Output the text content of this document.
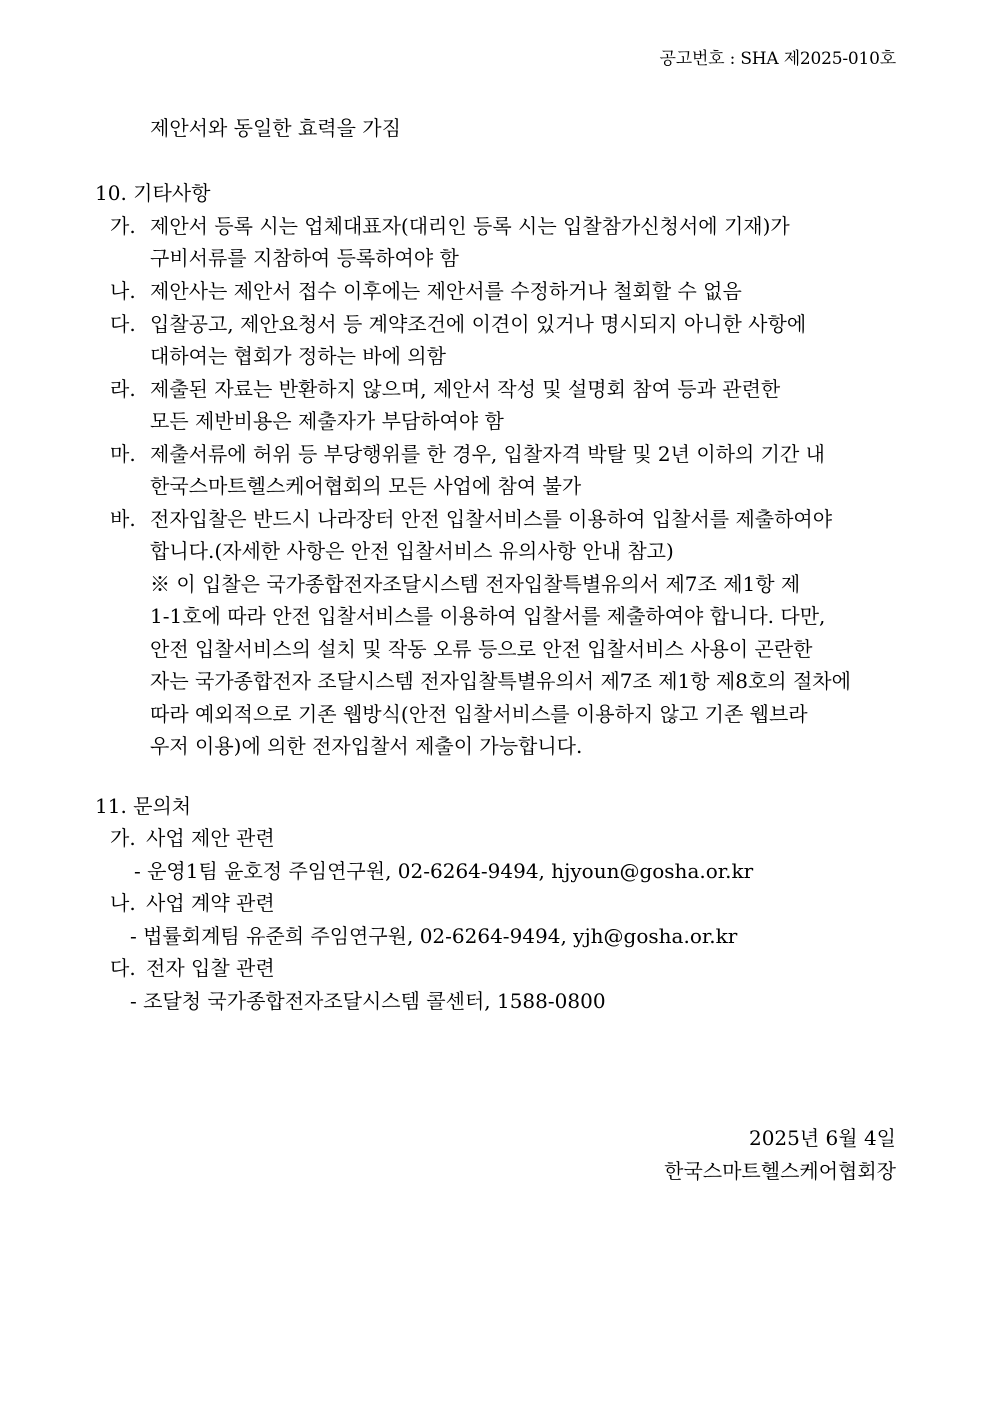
공고번호 : SHA 제2025-010호
제안서와 동일한 효력을 가짐
10. 기타사항
가. 제안서 등록 시는 업체대표자(대리인 등록 시는 입찰참가신청서에 기재)가
구비서류를 지참하여 등록하여야 함
나. 제안사는 제안서 접수 이후에는 제안서를 수정하거나 철회할 수 없음
다. 입찰공고, 제안요청서 등 계약조건에 이견이 있거나 명시되지 아니한 사항에
대하여는 협회가 정하는 바에 의함
라. 제출된 자료는 반환하지 않으며, 제안서 작성 및 설명회 참여 등과 관련한
모든 제반비용은 제출자가 부담하여야 함
마. 제출서류에 허위 등 부당행위를 한 경우, 입찰자격 박탈 및 2년 이하의 기간 내
한국스마트헬스케어협회의 모든 사업에 참여 불가
바. 전자입찰은 반드시 나라장터 안전 입찰서비스를 이용하여 입찰서를 제출하여야
합니다.(자세한 사항은 안전 입찰서비스 유의사항 안내 참고)
※ 이 입찰은 국가종합전자조달시스템 전자입찰특별유의서 제7조 제1항 제
1-1호에 따라 안전 입찰서비스를 이용하여 입찰서를 제출하여야 합니다. 다만,
안전 입찰서비스의 설치 및 작동 오류 등으로 안전 입찰서비스 사용이 곤란한
자는 국가종합전자 조달시스템 전자입찰특별유의서 제7조 제1항 제8호의 절차에
따라 예외적으로 기존 웹방식(안전 입찰서비스를 이용하지 않고 기존 웹브라
우저 이용)에 의한 전자입찰서 제출이 가능합니다.
11. 문의처
가. 사업 제안 관련
- 운영1팀 윤호정 주임연구원, 02-6264-9494, hjyoun@gosha.or.kr
나. 사업 계약 관련
- 법률회계팀 유준희 주임연구원, 02-6264-9494, yjh@gosha.or.kr
다. 전자 입찰 관련
- 조달청 국가종합전자조달시스템 콜센터, 1588-0800
2025년 6월 4일
한국스마트헬스케어협회장
